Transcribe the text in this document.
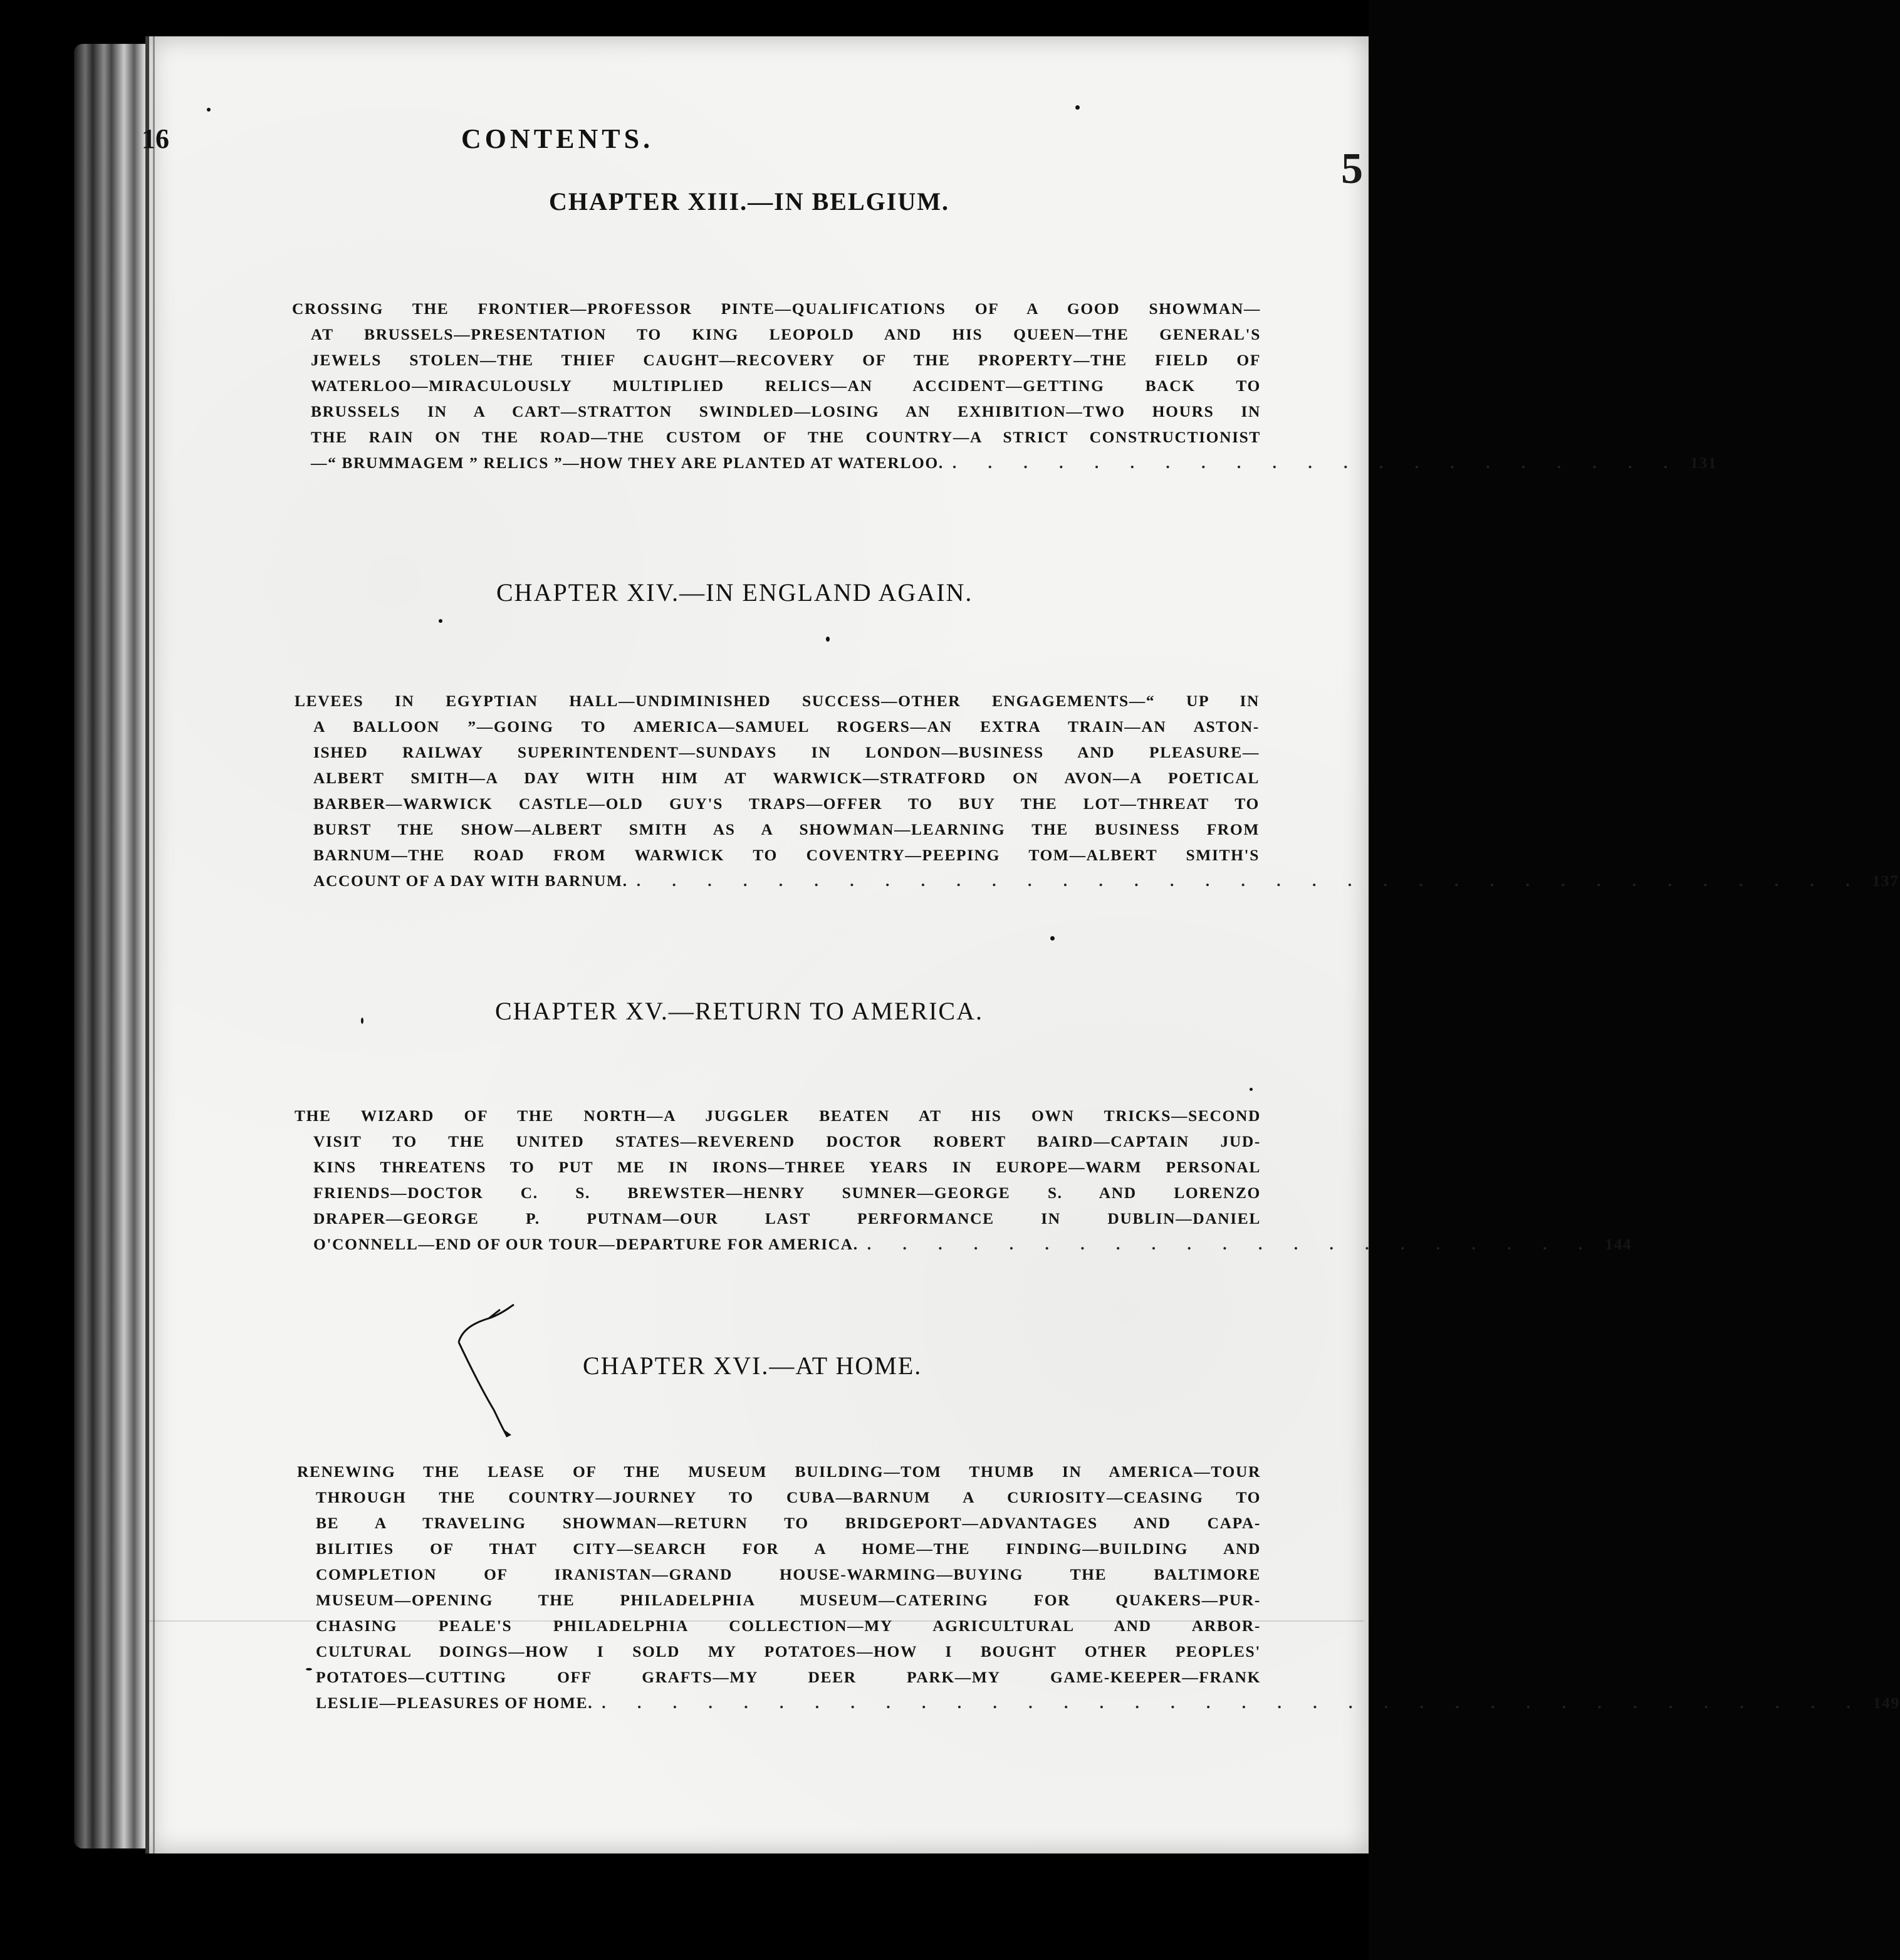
5
16	CONTENTS.
CHAPTER XIII.—IN BELGIUM.
CROSSING THE FRONTIER—PROFESSOR PINTE—QUALIFICATIONS OF A GOOD SHOWMAN—
AT BRUSSELS—PRESENTATION TO KING LEOPOLD AND HIS QUEEN—THE GENERAL'S
JEWELS STOLEN—THE THIEF CAUGHT—RECOVERY OF THE PROPERTY—THE FIELD OF
WATERLOO—MIRACULOUSLY MULTIPLIED RELICS—AN ACCIDENT—GETTING BACK TO
BRUSSELS IN A CART—STRATTON SWINDLED—LOSING AN EXHIBITION—TWO HOURS IN
THE RAIN ON THE ROAD—THE CUSTOM OF THE COUNTRY—A STRICT CONSTRUCTIONIST
—“ BRUMMAGEM ” RELICS ”—HOW THEY ARE PLANTED AT WATERLOO. . . . . . . . . . . . . . . . . . . . . . 131
CHAPTER XIV.—IN ENGLAND AGAIN.
LEVEES IN EGYPTIAN HALL—UNDIMINISHED SUCCESS—OTHER ENGAGEMENTS—“ UP IN
A BALLOON ”—GOING TO AMERICA—SAMUEL ROGERS—AN EXTRA TRAIN—AN ASTON-
ISHED RAILWAY SUPERINTENDENT—SUNDAYS IN LONDON—BUSINESS AND PLEASURE—
ALBERT SMITH—A DAY WITH HIM AT WARWICK—STRATFORD ON AVON—A POETICAL
BARBER—WARWICK CASTLE—OLD GUY'S TRAPS—OFFER TO BUY THE LOT—THREAT TO
BURST THE SHOW—ALBERT SMITH AS A SHOWMAN—LEARNING THE BUSINESS FROM
BARNUM—THE ROAD FROM WARWICK TO COVENTRY—PEEPING TOM—ALBERT SMITH'S
ACCOUNT OF A DAY WITH BARNUM. . . . . . . . . . . . . . . . . . . . . . . . . . . . . . . . . . . . 137
CHAPTER XV.—RETURN TO AMERICA.
THE WIZARD OF THE NORTH—A JUGGLER BEATEN AT HIS OWN TRICKS—SECOND
VISIT TO THE UNITED STATES—REVEREND DOCTOR ROBERT BAIRD—CAPTAIN JUD-
KINS THREATENS TO PUT ME IN IRONS—THREE YEARS IN EUROPE—WARM PERSONAL
FRIENDS—DOCTOR C. S. BREWSTER—HENRY SUMNER—GEORGE S. AND LORENZO
DRAPER—GEORGE P. PUTNAM—OUR LAST PERFORMANCE IN DUBLIN—DANIEL
O'CONNELL—END OF OUR TOUR—DEPARTURE FOR AMERICA. . . . . . . . . . . . . . . . . . . . . . 144
CHAPTER XVI.—AT HOME.
RENEWING THE LEASE OF THE MUSEUM BUILDING—TOM THUMB IN AMERICA—TOUR
THROUGH THE COUNTRY—JOURNEY TO CUBA—BARNUM A CURIOSITY—CEASING TO
BE A TRAVELING SHOWMAN—RETURN TO BRIDGEPORT—ADVANTAGES AND CAPA-
BILITIES OF THAT CITY—SEARCH FOR A HOME—THE FINDING—BUILDING AND
COMPLETION OF IRANISTAN—GRAND HOUSE-WARMING—BUYING THE BALTIMORE
MUSEUM—OPENING THE PHILADELPHIA MUSEUM—CATERING FOR QUAKERS—PUR-
CHASING PEALE'S PHILADELPHIA COLLECTION—MY AGRICULTURAL AND ARBOR-
CULTURAL DOINGS—HOW I SOLD MY POTATOES—HOW I BOUGHT OTHER PEOPLES'
POTATOES—CUTTING OFF GRAFTS—MY DEER PARK—MY GAME-KEEPER—FRANK
LESLIE—PLEASURES OF HOME. . . . . . . . . . . . . . . . . . . . . . . . . . . . . . . . . . . . . 149
